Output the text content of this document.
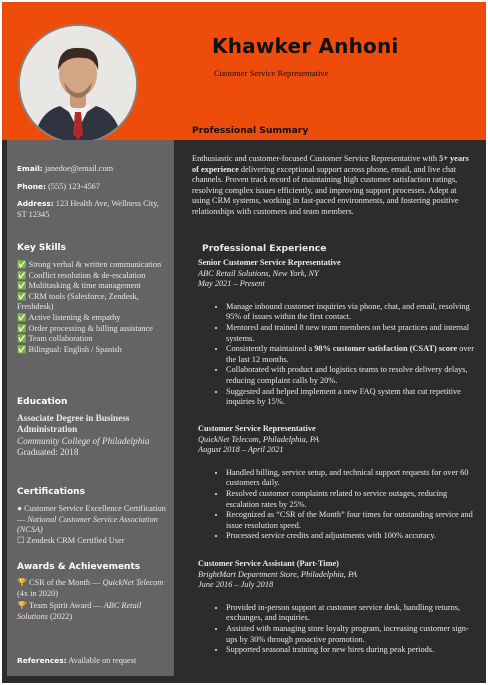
Khawker Anhoni
Customer Service Representative
Professional Summary
Email: janedoe@email.com
Phone: (555) 123-4567
Address: 123 Health Ave, Wellness City, ST 12345
Key Skills
✅ Strong verbal & written communication
✅ Conflict resolution & de-escalation
✅ Multitasking & time management
✅ CRM tools (Salesforce, Zendesk, Freshdesk)
✅ Active listening & empathy
✅ Order processing & billing assistance
✅ Team collaboration
✅ Bilingual: English / Spanish
Education
Associate Degree in Business Administration
Community College of Philadelphia
Graduated: 2018
Certifications
● Customer Service Excellence Certification — National Customer Service Association (NCSA)
☐ Zendesk CRM Certified User
Awards & Achievements
🏆 CSR of the Month — QuickNet Telecom (4x in 2020)
🏆 Team Spirit Award — ABC Retail Solutions (2022)
References: Available on request
Enthusiastic and customer-focused Customer Service Representative with 5+ years of experience delivering exceptional support across phone, email, and live chat channels. Proven track record of maintaining high customer satisfaction ratings, resolving complex issues efficiently, and improving support processes. Adept at using CRM systems, working in fast-paced environments, and fostering positive relationships with customers and team members.
Professional Experience
Senior Customer Service Representative
ABC Retail Solutions, New York, NY
May 2021 – Present
• Manage inbound customer inquiries via phone, chat, and email, resolving 95% of issues within the first contact.
• Mentored and trained 8 new team members on best practices and internal systems.
• Consistently maintained a 98% customer satisfaction (CSAT) score over the last 12 months.
• Collaborated with product and logistics teams to resolve delivery delays, reducing complaint calls by 20%.
• Suggested and helped implement a new FAQ system that cut repetitive inquiries by 15%.
Customer Service Representative
QuickNet Telecom, Philadelphia, PA
August 2018 – April 2021
• Handled billing, service setup, and technical support requests for over 60 customers daily.
• Resolved customer complaints related to service outages, reducing escalation rates by 25%.
• Recognized as “CSR of the Month” four times for outstanding service and issue resolution speed.
• Processed service credits and adjustments with 100% accuracy.
Customer Service Assistant (Part-Time)
BrightMart Department Store, Philadelphia, PA
June 2016 – July 2018
• Provided in-person support at customer service desk, handling returns, exchanges, and inquiries.
• Assisted with managing store loyalty program, increasing customer sign-ups by 30% through proactive promotion.
• Supported seasonal training for new hires during peak periods.
